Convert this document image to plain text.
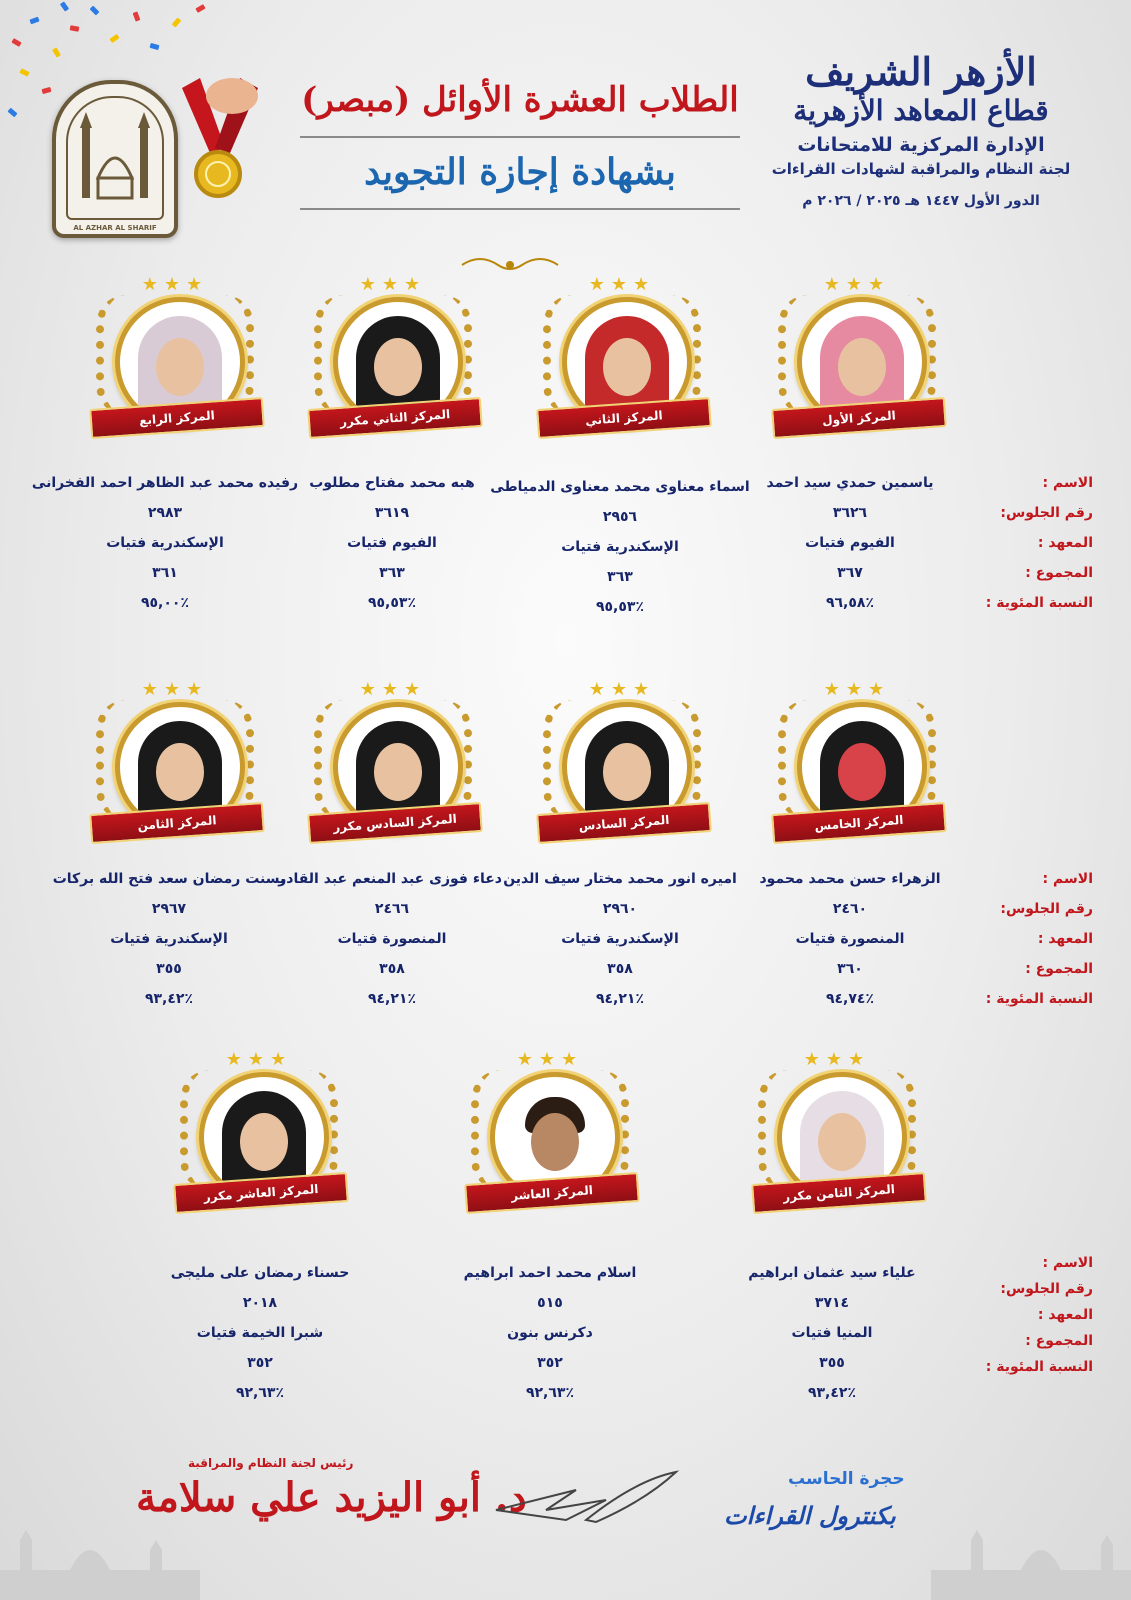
AL AZHAR AL SHARIF
الأزهر الشريف
قطاع المعاهد الأزهرية
الإدارة المركزية للامتحانات
لجنة النظام والمراقبة لشهادات القراءات
الدور الأول ١٤٤٧ هـ ٢٠٢٥ / ٢٠٢٦ م
الطلاب العشرة الأوائل (مبصر)
بشهادة إجازة التجويد
★★★
المركز الأول
★★★
المركز الثاني
★★★
المركز الثاني مكرر
★★★
المركز الرابع
الاسم :
رقم الجلوس:
المعهد :
المجموع :
النسبة المئوية :
ياسمين حمدي سيد احمد
٣٦٢٦
الفيوم فتيات
٣٦٧
٪٩٦,٥٨
اسماء معناوى محمد معناوى الدمياطى
٢٩٥٦
الإسكندرية فتيات
٣٦٣
٪٩٥,٥٣
هبه محمد مفتاح مطلوب
٣٦١٩
الفيوم فتيات
٣٦٣
٪٩٥,٥٣
رفيده محمد عبد الظاهر احمد الفخرانى
٢٩٨٣
الإسكندرية فتيات
٣٦١
٪٩٥,٠٠
★★★
المركز الخامس
★★★
المركز السادس
★★★
المركز السادس مكرر
★★★
المركز الثامن
الاسم :
رقم الجلوس:
المعهد :
المجموع :
النسبة المئوية :
الزهراء حسن محمد محمود
٢٤٦٠
المنصورة فتيات
٣٦٠
٪٩٤,٧٤
اميره انور محمد مختار سيف الدين
٢٩٦٠
الإسكندرية فتيات
٣٥٨
٪٩٤,٢١
دعاء فوزى عبد المنعم عبد القادر
٢٤٦٦
المنصورة فتيات
٣٥٨
٪٩٤,٢١
بسنت رمضان سعد فتح الله بركات
٢٩٦٧
الإسكندرية فتيات
٣٥٥
٪٩٣,٤٢
★★★
المركز الثامن مكرر
★★★
المركز العاشر
★★★
المركز العاشر مكرر
الاسم :
رقم الجلوس:
المعهد :
المجموع :
النسبة المئوية :
علياء سيد عثمان ابراهيم
٣٧١٤
المنيا فتيات
٣٥٥
٪٩٣,٤٢
اسلام محمد احمد ابراهيم
٥١٥
دكرنس بنون
٣٥٢
٪٩٢,٦٣
حسناء رمضان على مليجى
٢٠١٨
شبرا الخيمة فتيات
٣٥٢
٪٩٢,٦٣
رئيس لجنة النظام والمراقبة
د. أبو اليزيد علي سلامة	حجرة الحاسب
بكنترول القراءات
